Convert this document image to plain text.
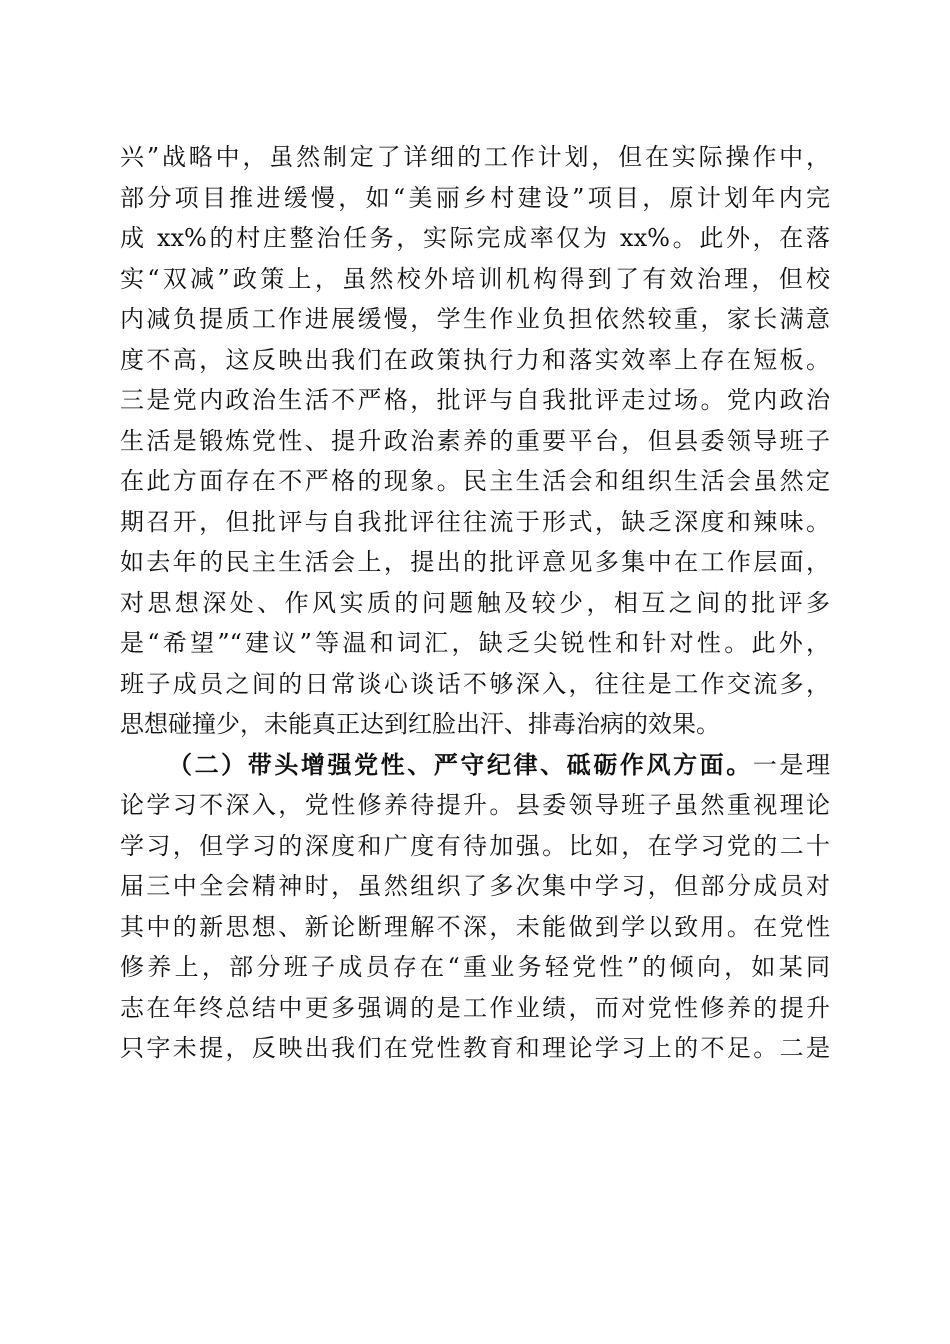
兴”战略中，虽然制定了详细的工作计划，但在实际操作中，
部分项目推进缓慢，如“美丽乡村建设”项目，原计划年内完
成 xx%的村庄整治任务，实际完成率仅为 xx%。此外，在落
实“双减”政策上，虽然校外培训机构得到了有效治理，但校
内减负提质工作进展缓慢，学生作业负担依然较重，家长满意
度不高，这反映出我们在政策执行力和落实效率上存在短板。
三是党内政治生活不严格，批评与自我批评走过场。党内政治
生活是锻炼党性、提升政治素养的重要平台，但县委领导班子
在此方面存在不严格的现象。民主生活会和组织生活会虽然定
期召开，但批评与自我批评往往流于形式，缺乏深度和辣味。
如去年的民主生活会上，提出的批评意见多集中在工作层面，
对思想深处、作风实质的问题触及较少，相互之间的批评多
是“希望”“建议”等温和词汇，缺乏尖锐性和针对性。此外，
班子成员之间的日常谈心谈话不够深入，往往是工作交流多，
思想碰撞少，未能真正达到红脸出汗、排毒治病的效果。
（二）带头增强党性、严守纪律、砥砺作风方面。一是理
论学习不深入，党性修养待提升。县委领导班子虽然重视理论
学习，但学习的深度和广度有待加强。比如，在学习党的二十
届三中全会精神时，虽然组织了多次集中学习，但部分成员对
其中的新思想、新论断理解不深，未能做到学以致用。在党性
修养上，部分班子成员存在“重业务轻党性”的倾向，如某同
志在年终总结中更多强调的是工作业绩，而对党性修养的提升
只字未提，反映出我们在党性教育和理论学习上的不足。二是
